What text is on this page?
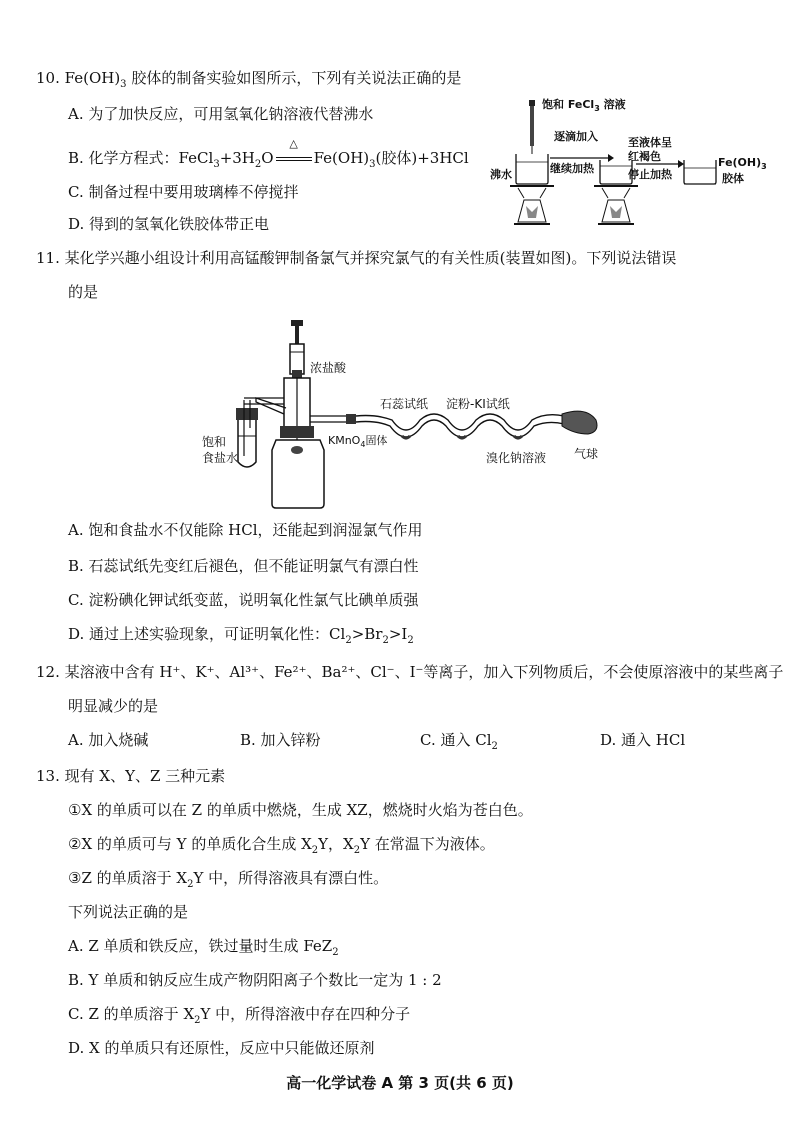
10. $Fe(OH)_3$ 胶体的制备实验如图所示，下列有关说法正确的是
A. 为了加快反应，可用氢氧化钠溶液代替沸水
B. 化学方程式：$FeCl_3+3H_2O$
△
$Fe(OH)_3$(胶体)+3HCl
C. 制备过程中要用玻璃棒不停搅拌
D. 得到的氢氧化铁胶体带正电
饱和 FeCl$_3$ 溶液
沸水
逐滴加入
继续加热
至液体呈
红褐色
停止加热
$Fe(OH)_3$
胶体
11. 某化学兴趣小组设计利用高锰酸钾制备氯气并探究氯气的有关性质(装置如图)。下列说法错误
的是
浓盐酸
KMnO$_4$固体
饱和
食盐水
石蕊试纸 淀粉-KI试纸
溴化钠溶液 气球
A. 饱和食盐水不仅能除 HCl，还能起到润湿氯气作用
B. 石蕊试纸先变红后褪色，但不能证明氯气有漂白性
C. 淀粉碘化钾试纸变蓝，说明氧化性氯气比碘单质强
D. 通过上述实验现象，可证明氧化性：$Cl_2>Br_2>I_2$
12. 某溶液中含有 H⁺、K⁺、Al³⁺、Fe²⁺、Ba²⁺、Cl⁻、I⁻等离子，加入下列物质后，不会使原溶液中的某些离子
明显减少的是
A. 加入烧碱	B. 加入锌粉	C. 通入 $Cl_2$	D. 通入 HCl
13. 现有 X、Y、Z 三种元素
①X 的单质可以在 Z 的单质中燃烧，生成 XZ，燃烧时火焰为苍白色。
②X 的单质可与 Y 的单质化合生成 $X_2Y$，$X_2Y$ 在常温下为液体。
③Z 的单质溶于 $X_2Y$ 中，所得溶液具有漂白性。
下列说法正确的是
A. Z 单质和铁反应，铁过量时生成 FeZ$_2$
B. Y 单质和钠反应生成产物阴阳离子个数比一定为 1 : 2
C. Z 的单质溶于 $X_2Y$ 中，所得溶液中存在四种分子
D. X 的单质只有还原性，反应中只能做还原剂
高一化学试卷 A 第 3 页(共 6 页)
